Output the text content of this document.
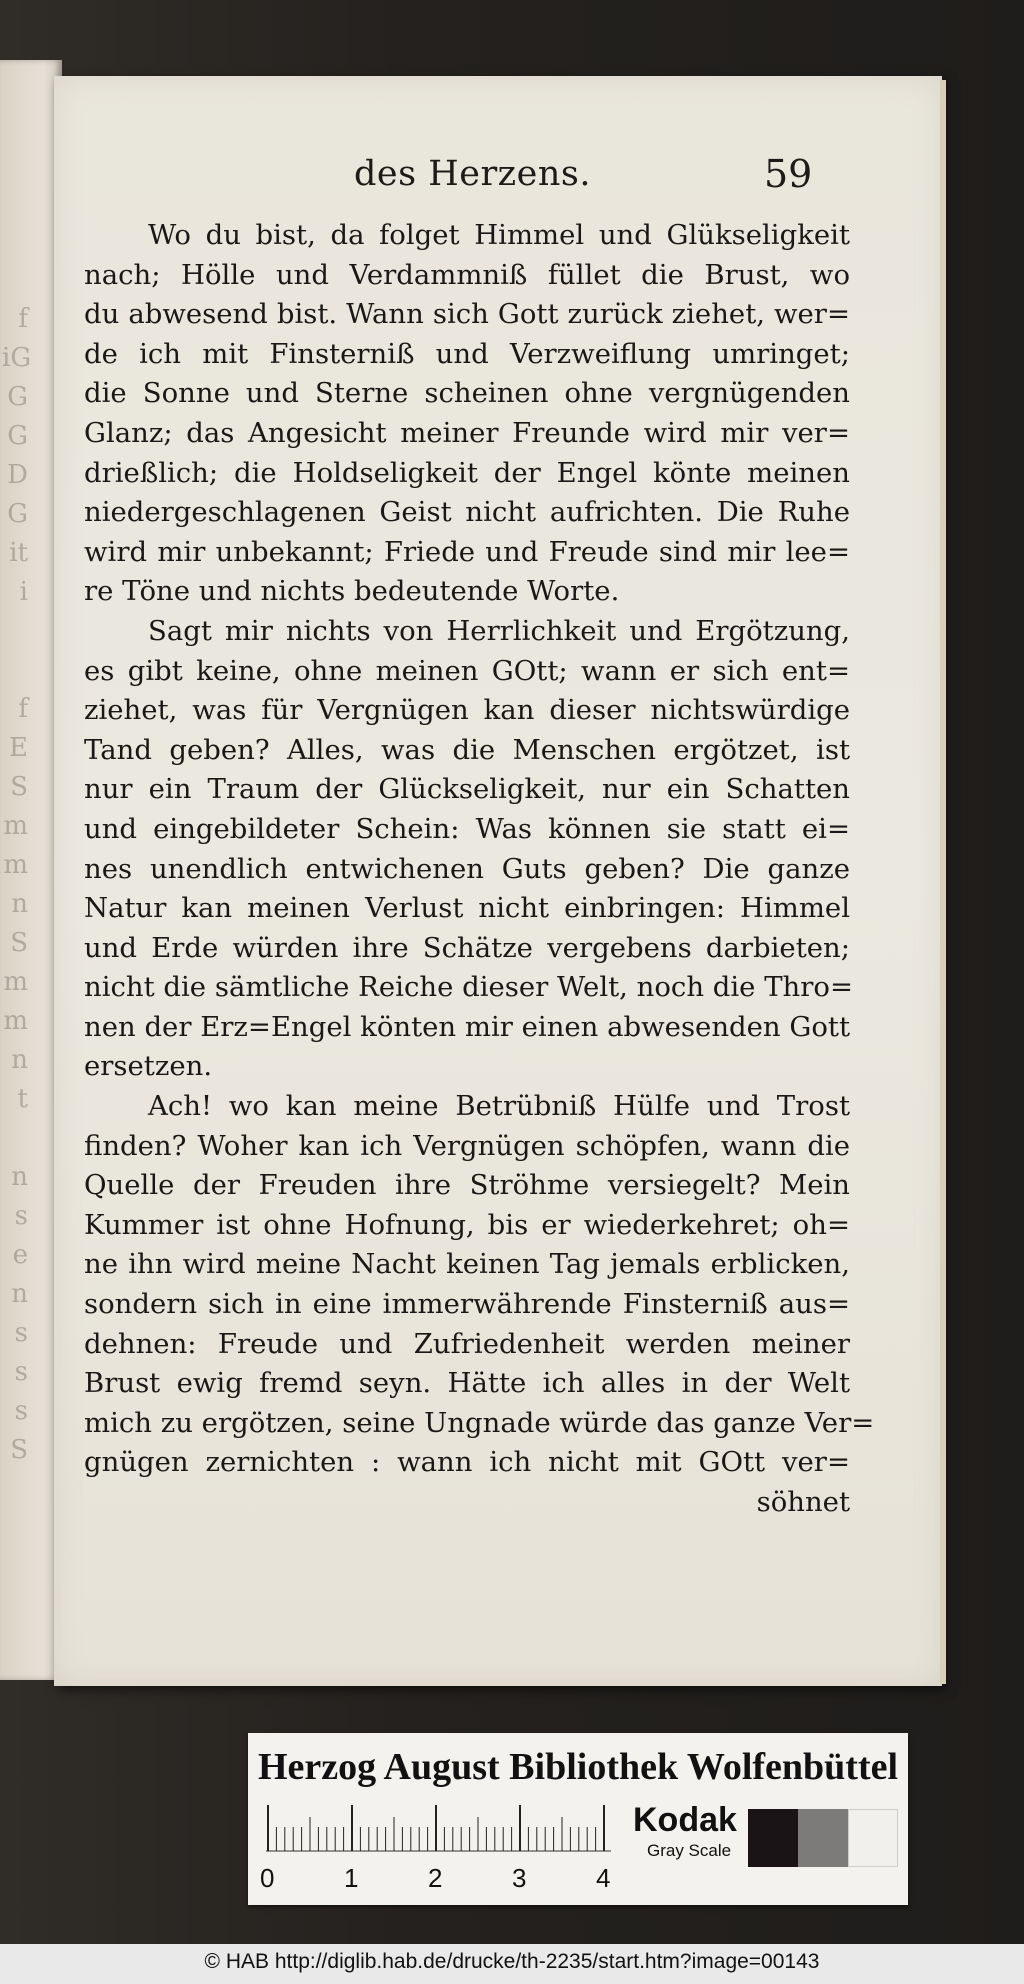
f
iG
G
G
D
G
it
i

f
E
S
m
m
n
S
m
m
n
t

n
s
e
n
s
s
s
S
des Herzens.	59
Wo du bist, da folget Himmel und Glükseligkeit
nach; Hölle und Verdammniß füllet die Brust, wo
du abwesend bist. Wann sich Gott zurück ziehet, wer=
de ich mit Finsterniß und Verzweiflung umringet;
die Sonne und Sterne scheinen ohne vergnügenden
Glanz; das Angesicht meiner Freunde wird mir ver=
drießlich; die Holdseligkeit der Engel könte meinen
niedergeschlagenen Geist nicht aufrichten. Die Ruhe
wird mir unbekannt; Friede und Freude sind mir lee=
re Töne und nichts bedeutende Worte.
Sagt mir nichts von Herrlichkeit und Ergötzung,
es gibt keine, ohne meinen GOtt; wann er sich ent=
ziehet, was für Vergnügen kan dieser nichtswürdige
Tand geben? Alles, was die Menschen ergötzet, ist
nur ein Traum der Glückseligkeit, nur ein Schatten
und eingebildeter Schein: Was können sie statt ei=
nes unendlich entwichenen Guts geben? Die ganze
Natur kan meinen Verlust nicht einbringen: Himmel
und Erde würden ihre Schätze vergebens darbieten;
nicht die sämtliche Reiche dieser Welt, noch die Thro=
nen der Erz=Engel könten mir einen abwesenden Gott
ersetzen.
Ach! wo kan meine Betrübniß Hülfe und Trost
finden? Woher kan ich Vergnügen schöpfen, wann die
Quelle der Freuden ihre Ströhme versiegelt? Mein
Kummer ist ohne Hofnung, bis er wiederkehret; oh=
ne ihn wird meine Nacht keinen Tag jemals erblicken,
sondern sich in eine immerwährende Finsterniß aus=
dehnen: Freude und Zufriedenheit werden meiner
Brust ewig fremd seyn. Hätte ich alles in der Welt
mich zu ergötzen, seine Ungnade würde das ganze Ver=
gnügen zernichten : wann ich nicht mit GOtt ver=
söhnet
Herzog August Bibliothek Wolfenbüttel
0	1	2	3	4
Kodak
Gray Scale
© HAB http://diglib.hab.de/drucke/th-2235/start.htm?image=00143
